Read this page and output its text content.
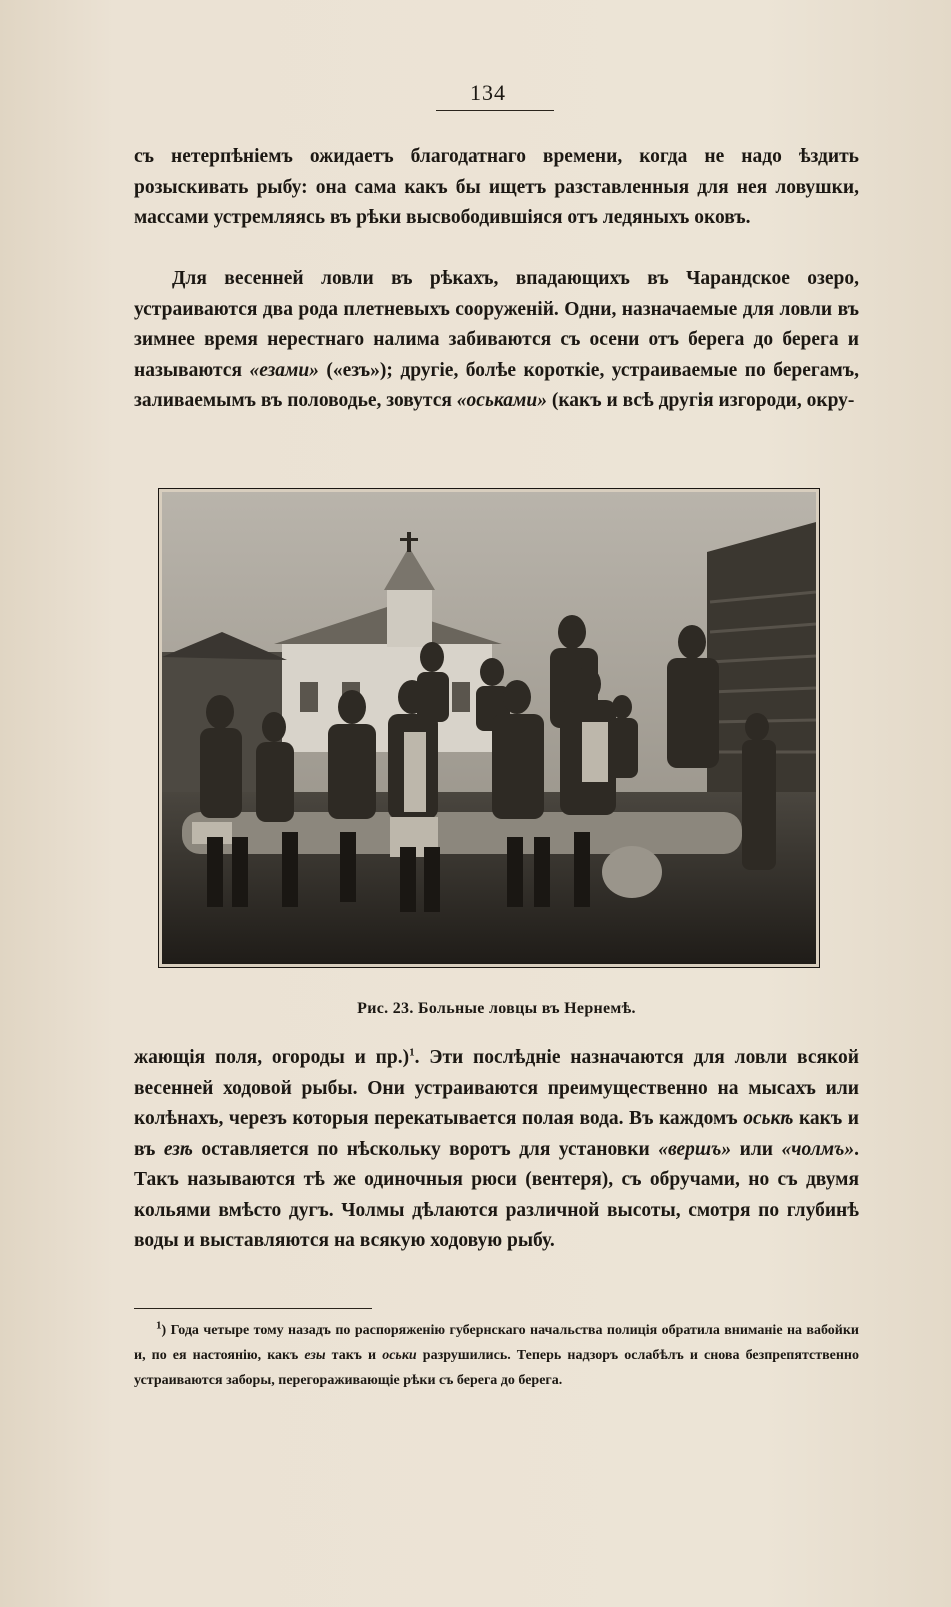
134

съ нетерпѣніемъ ожидаетъ благодатнаго времени, когда не надо ѣздить розыскивать рыбу: она сама какъ бы ищетъ разставленныя для нея ловушки, массами устремляясь въ рѣки высвободившіяся отъ ледяныхъ оковъ.

Для весенней ловли въ рѣкахъ, впадающихъ въ Чарандское озеро, устраиваются два рода плетневыхъ сооруженій. Одни, назначаемые для ловли въ зимнее время нерестнаго налима забиваются съ осени отъ берега до берега и называются «езами» («езъ»); другіе, болѣе короткіе, устраиваемые по берегамъ, заливаемымъ въ половодье, зовутся «оськами» (какъ и всѣ другія изгороди, окру-

Рис. 23. Больные ловцы въ Нернемѣ.

жающія поля, огороды и пр.)$^1$. Эти послѣдніе назначаются для ловли всякой весенней ходовой рыбы. Они устраиваются преимущественно на мысахъ или колѣнахъ, черезъ которыя перекатывается полая вода. Въ каждомъ оськѣ какъ и въ езѣ оставляется по нѣскольку воротъ для установки «вершъ» или «чолмъ». Такъ называются тѣ же одиночныя рюси (вентеря), съ обручами, но съ двумя кольями вмѣсто дугъ. Чолмы дѣлаются различной высоты, смотря по глубинѣ воды и выставляются на всякую ходовую рыбу.

$^1$) Года четыре тому назадъ по распоряженію губернскаго начальства полиція обратила вниманіе на вабойки и, по ея настоянію, какъ езы такъ и оськи разрушились. Теперь надзоръ ослабѣлъ и снова безпрепятственно устраиваются заборы, перегораживающіе рѣки съ берега до берега.
